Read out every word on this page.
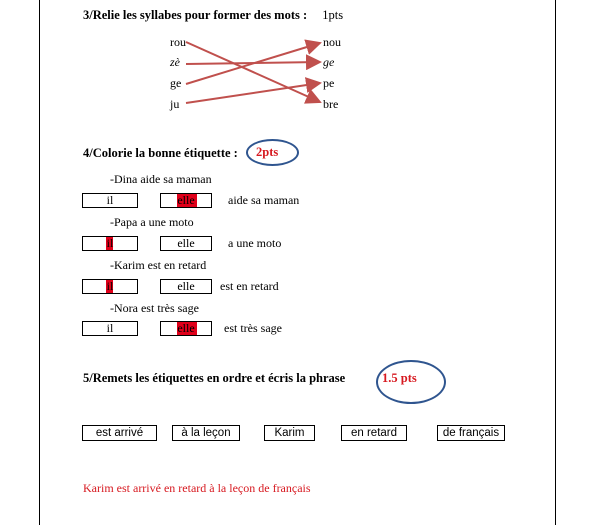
3/Relie les syllabes pour former des mots : 1pts
rou
zè
ge
ju
nou
ge
pe
bre
4/Colorie la bonne étiquette : 2pts
-Dina aide sa maman
il	elle	aide sa maman
-Papa a une moto
il	elle	a une moto
-Karim est en retard
il	elle	est en retard
-Nora est très sage
il	elle	est très sage
5/Remets les étiquettes en ordre et écris la phrase	1.5 pts
est arrivé	à la leçon	Karim	en retard	de français
Karim est arrivé en retard à la leçon de français
